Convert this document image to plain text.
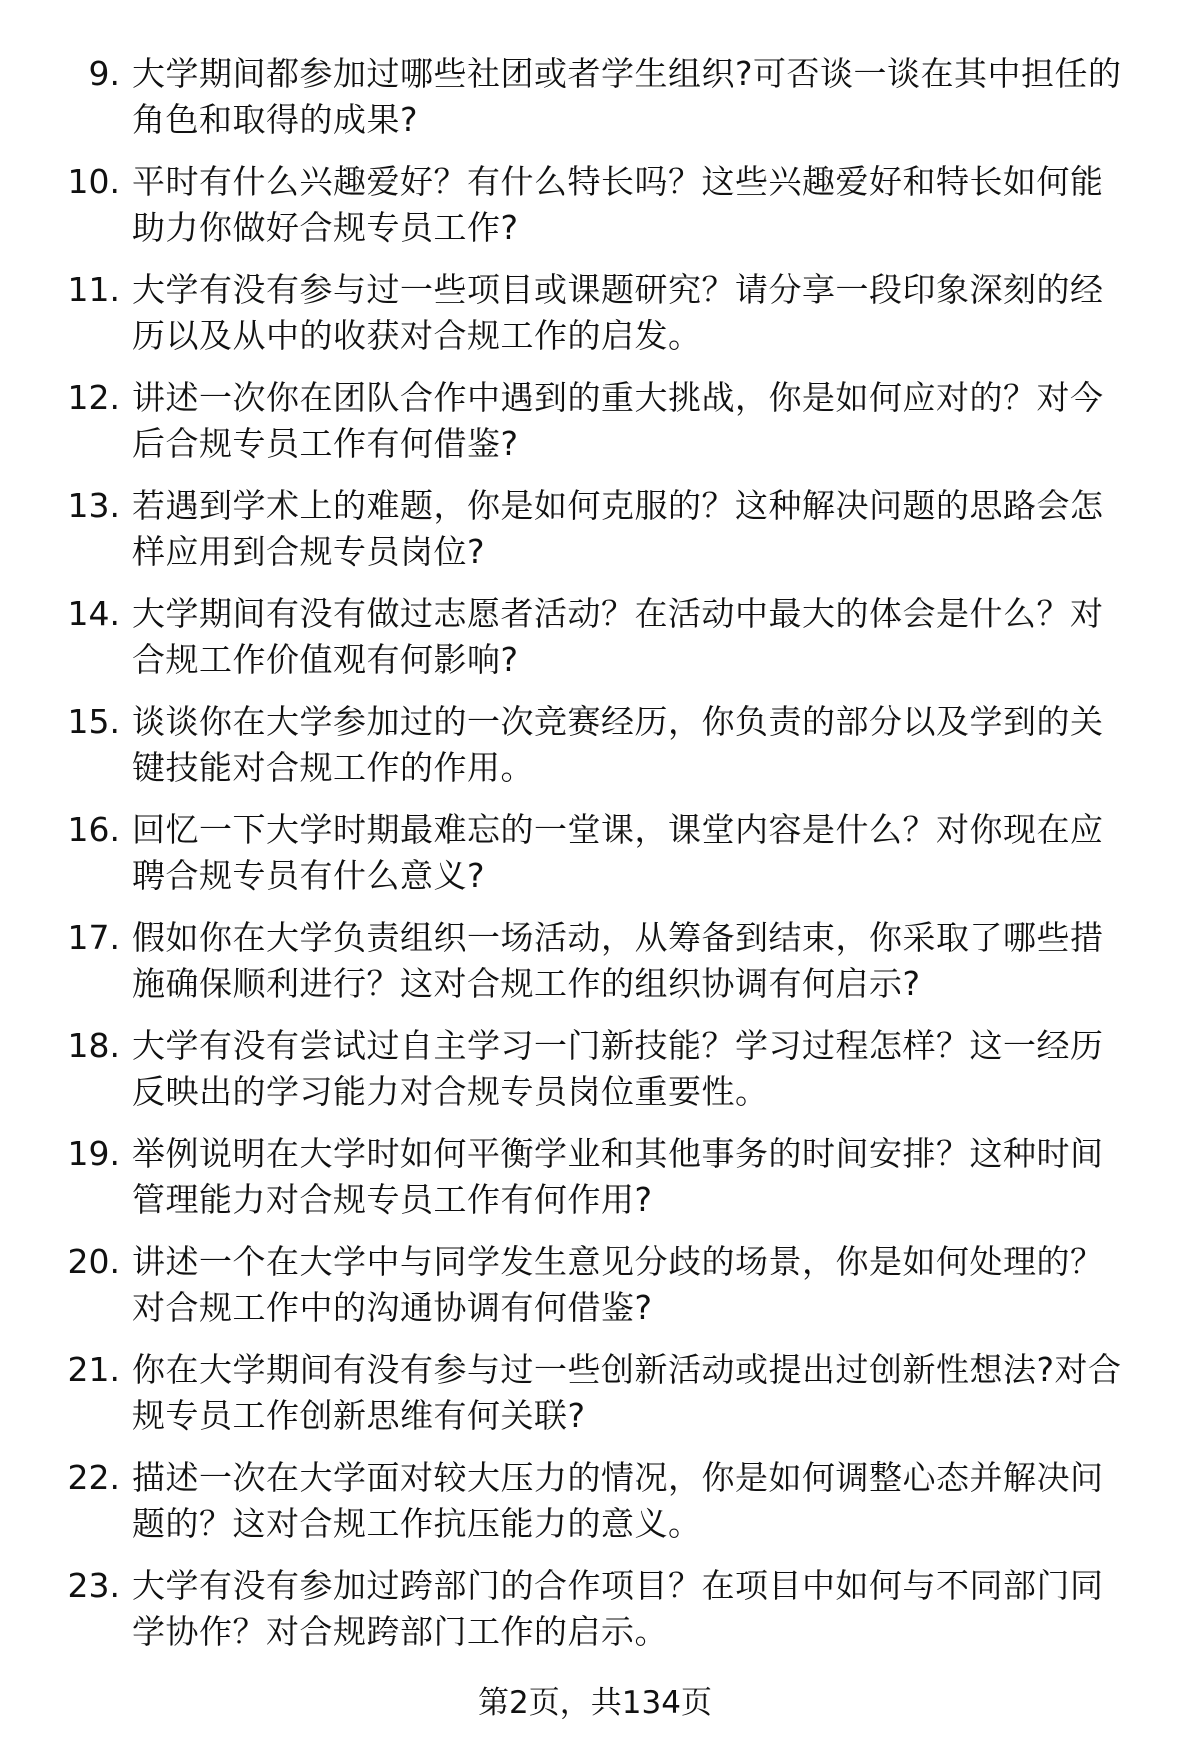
9. 大学期间都参加过哪些社团或者学生组织?可否谈一谈在其中担任的角色和取得的成果?
10. 平时有什么兴趣爱好？有什么特长吗？这些兴趣爱好和特长如何能助力你做好合规专员工作?
11. 大学有没有参与过一些项目或课题研究？请分享一段印象深刻的经历以及从中的收获对合规工作的启发。
12. 讲述一次你在团队合作中遇到的重大挑战，你是如何应对的？对今后合规专员工作有何借鉴?
13. 若遇到学术上的难题，你是如何克服的？这种解决问题的思路会怎样应用到合规专员岗位?
14. 大学期间有没有做过志愿者活动？在活动中最大的体会是什么？对合规工作价值观有何影响?
15. 谈谈你在大学参加过的一次竞赛经历，你负责的部分以及学到的关键技能对合规工作的作用。
16. 回忆一下大学时期最难忘的一堂课，课堂内容是什么？对你现在应聘合规专员有什么意义?
17. 假如你在大学负责组织一场活动，从筹备到结束，你采取了哪些措施确保顺利进行？这对合规工作的组织协调有何启示?
18. 大学有没有尝试过自主学习一门新技能？学习过程怎样？这一经历反映出的学习能力对合规专员岗位重要性。
19. 举例说明在大学时如何平衡学业和其他事务的时间安排？这种时间管理能力对合规专员工作有何作用?
20. 讲述一个在大学中与同学发生意见分歧的场景，你是如何处理的？对合规工作中的沟通协调有何借鉴?
21. 你在大学期间有没有参与过一些创新活动或提出过创新性想法?对合规专员工作创新思维有何关联?
22. 描述一次在大学面对较大压力的情况，你是如何调整心态并解决问题的？这对合规工作抗压能力的意义。
23. 大学有没有参加过跨部门的合作项目？在项目中如何与不同部门同学协作？对合规跨部门工作的启示。
第2页，共134页
